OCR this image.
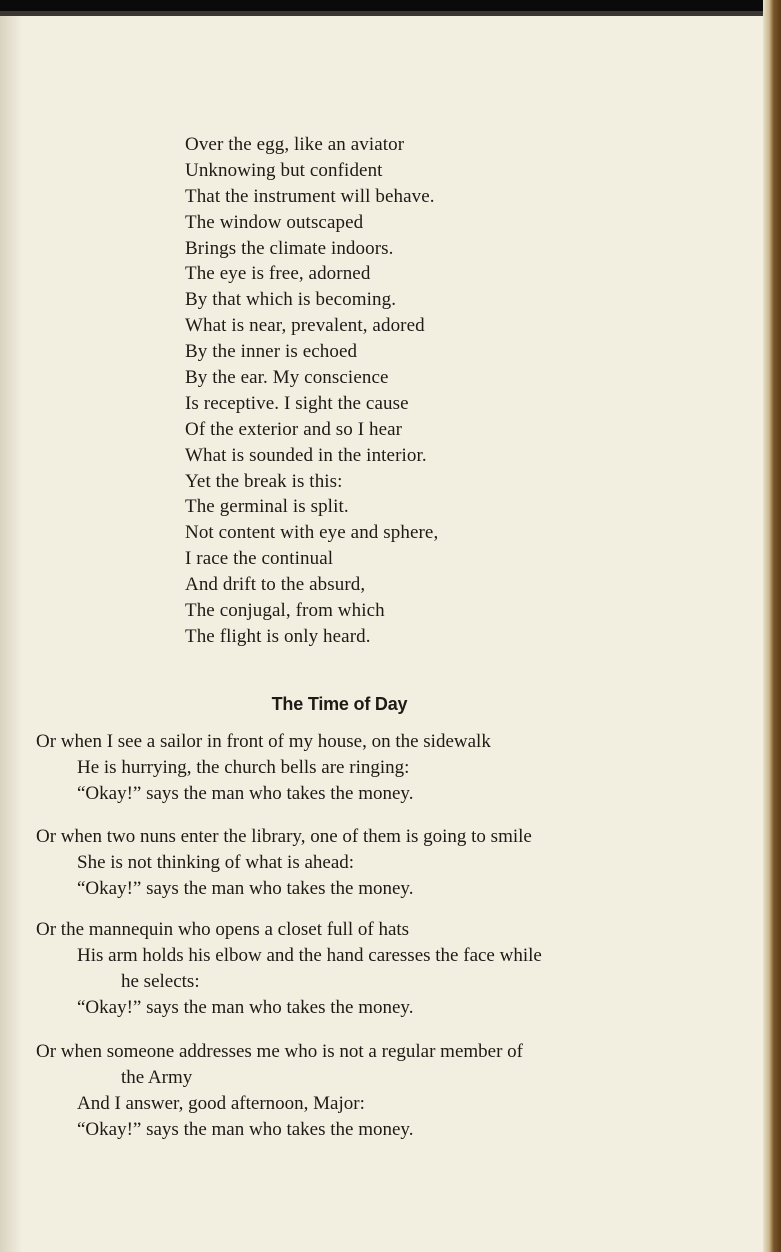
Over the egg, like an aviator
Unknowing but confident
That the instrument will behave.
The window outscaped
Brings the climate indoors.
The eye is free, adorned
By that which is becoming.
What is near, prevalent, adored
By the inner is echoed
By the ear. My conscience
Is receptive. I sight the cause
Of the exterior and so I hear
What is sounded in the interior.
Yet the break is this:
The germinal is split.
Not content with eye and sphere,
I race the continual
And drift to the absurd,
The conjugal, from which
The flight is only heard.
The Time of Day
Or when I see a sailor in front of my house, on the sidewalk
He is hurrying, the church bells are ringing:
“Okay!” says the man who takes the money.
Or when two nuns enter the library, one of them is going to smile
She is not thinking of what is ahead:
“Okay!” says the man who takes the money.
Or the mannequin who opens a closet full of hats
His arm holds his elbow and the hand caresses the face while
he selects:
“Okay!” says the man who takes the money.
Or when someone addresses me who is not a regular member of
the Army
And I answer, good afternoon, Major:
“Okay!” says the man who takes the money.
